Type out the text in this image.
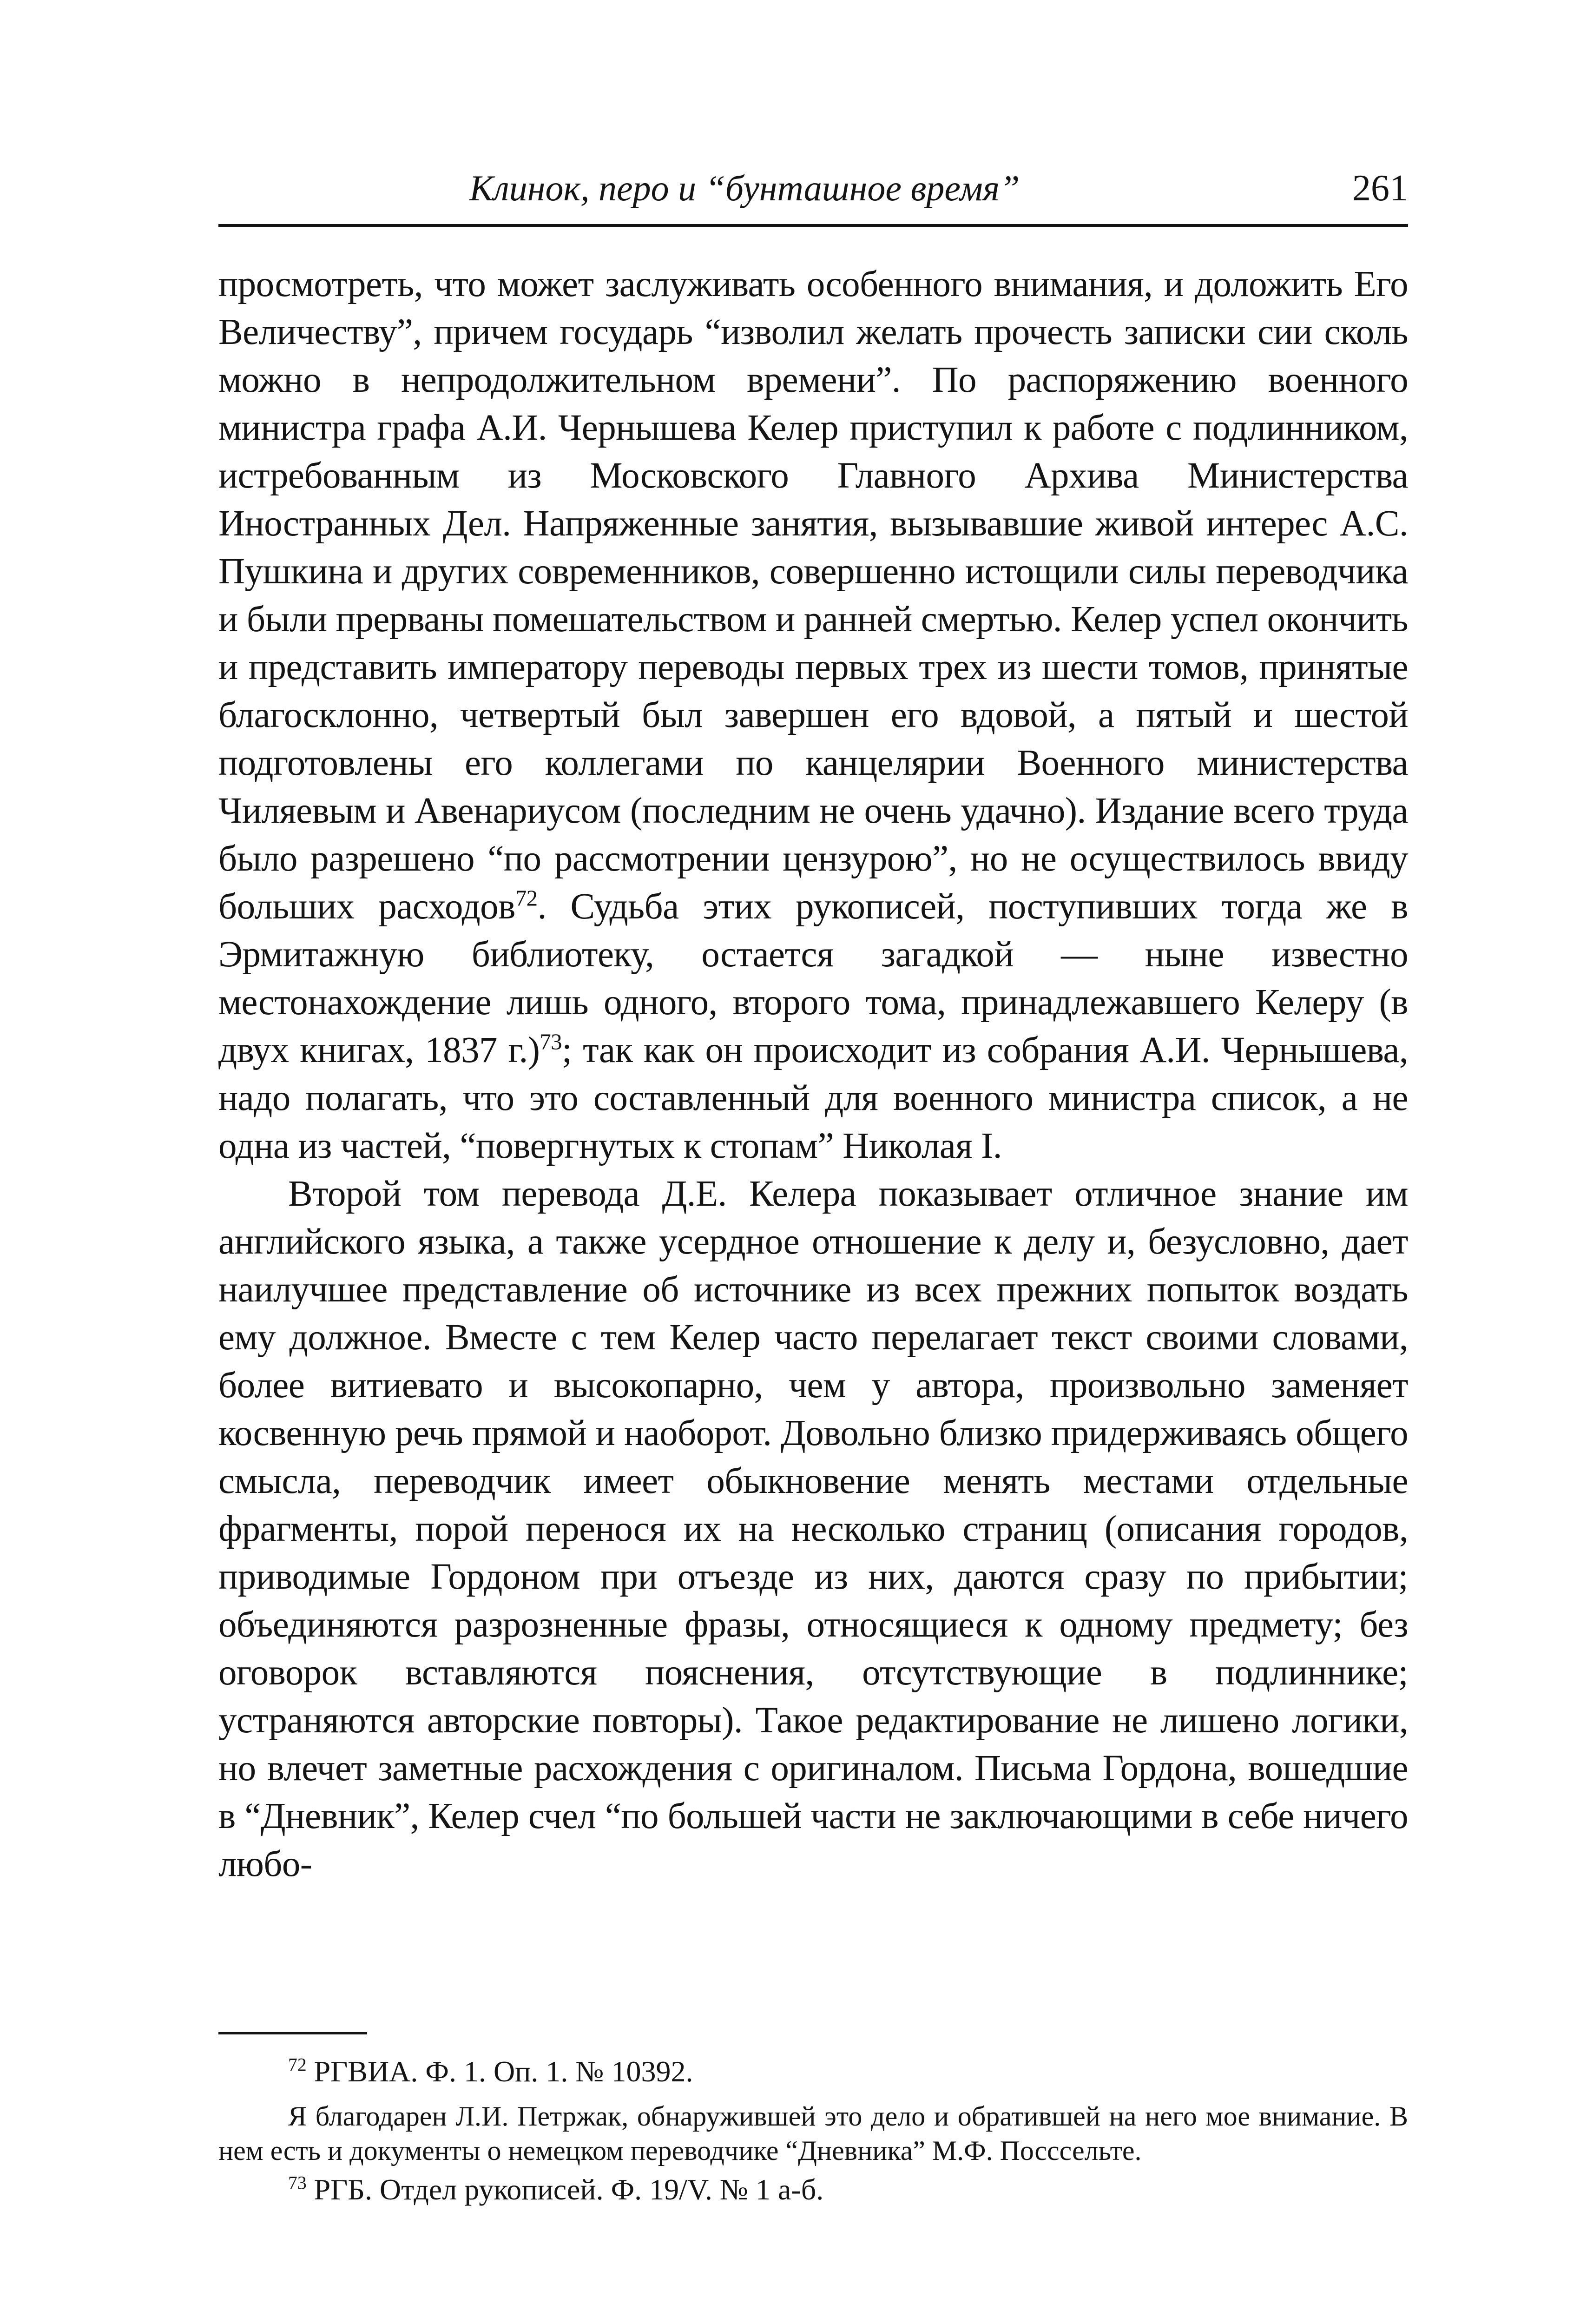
Клинок, перо и “бунташное время”	261

просмотреть, что может заслуживать особенного внимания, и доложить Его Величеству”, причем государь “изволил желать прочесть записки сии сколь можно в непродолжительном времени”. По распоряжению военного министра графа А.И. Чернышева Келер приступил к работе с подлинником, истребованным из Московского Главного Архива Министерства Иностранных Дел. Напряженные занятия, вызывавшие живой интерес А.С. Пушкина и других современников, совершенно истощили силы переводчика и были прерваны помешательством и ранней смертью. Келер успел окончить и представить императору переводы первых трех из шести томов, принятые благосклонно, четвертый был завершен его вдовой, а пятый и шестой подготовлены его коллегами по канцелярии Военного министерства Чиляевым и Авенариусом (последним не очень удачно). Издание всего труда было разрешено “по рассмотрении цензурою”, но не осуществилось ввиду больших расходов$^{72}$. Судьба этих рукописей, поступивших тогда же в Эрмитажную библиотеку, остается загадкой — ныне известно местонахождение лишь одного, второго тома, принадлежавшего Келеру (в двух книгах, 1837 г.)$^{73}$; так как он происходит из собрания А.И. Чернышева, надо полагать, что это составленный для военного министра список, а не одна из частей, “повергнутых к стопам” Николая I.

Второй том перевода Д.Е. Келера показывает отличное знание им английского языка, а также усердное отношение к делу и, безусловно, дает наилучшее представление об источнике из всех прежних попыток воздать ему должное. Вместе с тем Келер часто перелагает текст своими словами, более витиевато и высокопарно, чем у автора, произвольно заменяет косвенную речь прямой и наоборот. Довольно близко придерживаясь общего смысла, переводчик имеет обыкновение менять местами отдельные фрагменты, порой перенося их на несколько страниц (описания городов, приводимые Гордоном при отъезде из них, даются сразу по прибытии; объединяются разрозненные фразы, относящиеся к одному предмету; без оговорок вставляются пояснения, отсутствующие в подлиннике; устраняются авторские повторы). Такое редактирование не лишено логики, но влечет заметные расхождения с оригиналом. Письма Гордона, вошедшие в “Дневник”, Келер счел “по большей части не заключающими в себе ничего любо-

$^{72}$ РГВИА. Ф. 1. Оп. 1. № 10392.

Я благодарен Л.И. Петржак, обнаружившей это дело и обратившей на него мое внимание. В нем есть и документы о немецком переводчике “Дневника” М.Ф. Посссельте.

$^{73}$ РГБ. Отдел рукописей. Ф. 19/V. № 1 а-б.
